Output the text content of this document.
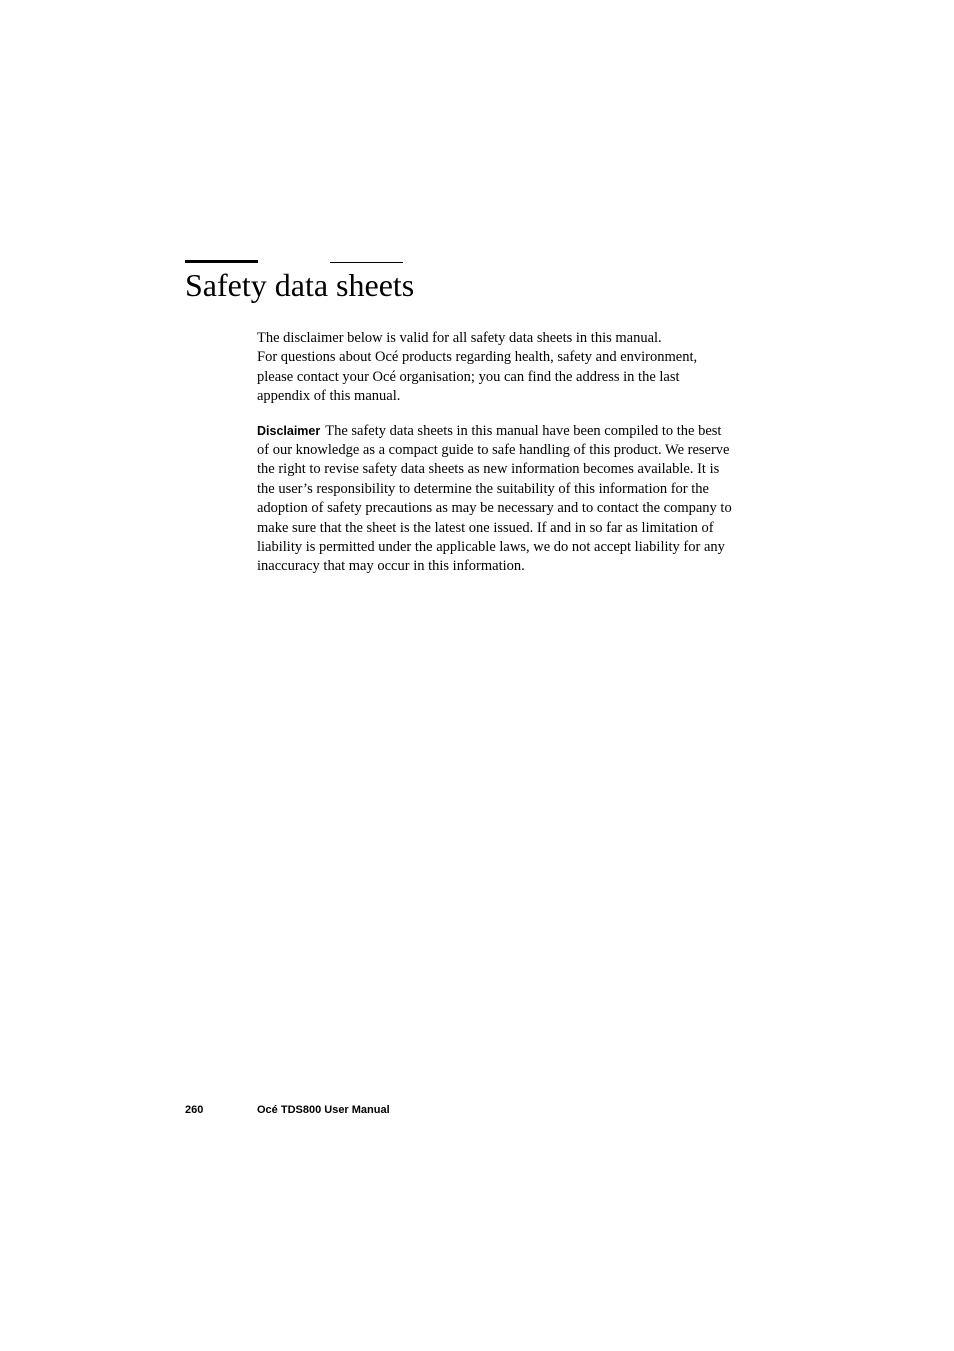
Safety data sheets

The disclaimer below is valid for all safety data sheets in this manual.
For questions about Océ products regarding health, safety and environment,
please contact your Océ organisation; you can find the address in the last
appendix of this manual.

Disclaimer The safety data sheets in this manual have been compiled to the best of our knowledge as a compact guide to safe handling of this product. We reserve the right to revise safety data sheets as new information becomes available. It is the user’s responsibility to determine the suitability of this information for the adoption of safety precautions as may be necessary and to contact the company to make sure that the sheet is the latest one issued. If and in so far as limitation of liability is permitted under the applicable laws, we do not accept liability for any inaccuracy that may occur in this information.

260	Océ TDS800 User Manual
